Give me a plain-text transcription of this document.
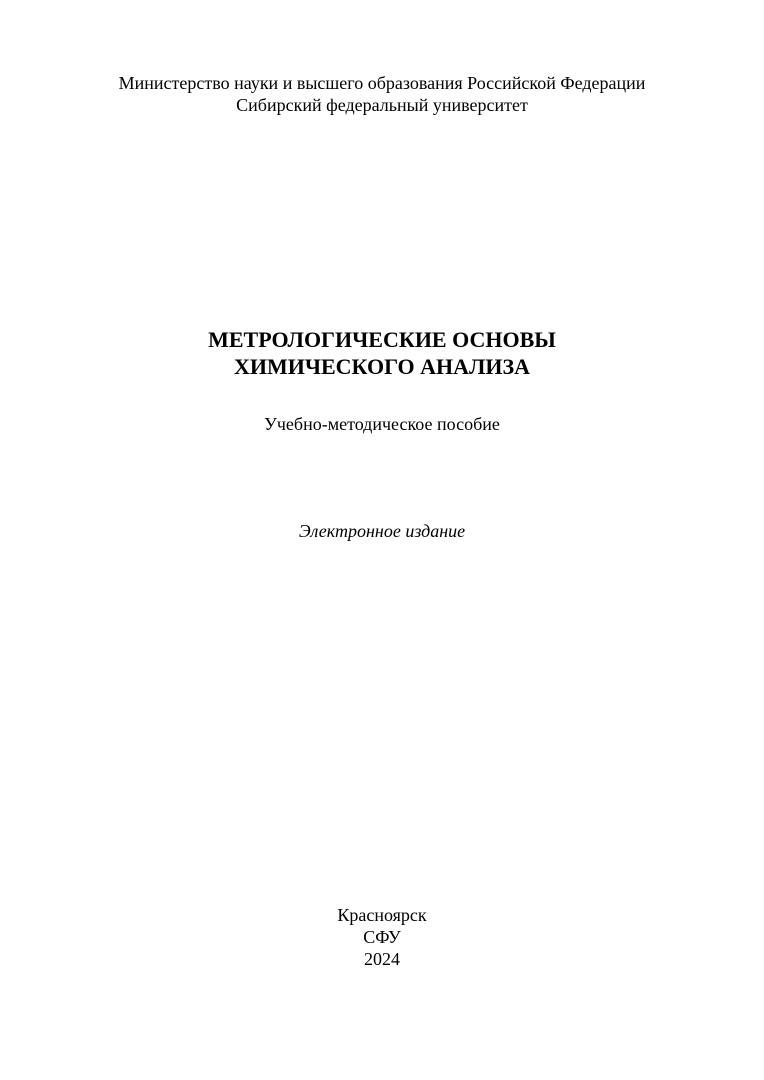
Министерство науки и высшего образования Российской Федерации
Сибирский федеральный университет
МЕТРОЛОГИЧЕСКИЕ ОСНОВЫ
ХИМИЧЕСКОГО АНАЛИЗА
Учебно-методическое пособие
Электронное издание
Красноярск
СФУ
2024
